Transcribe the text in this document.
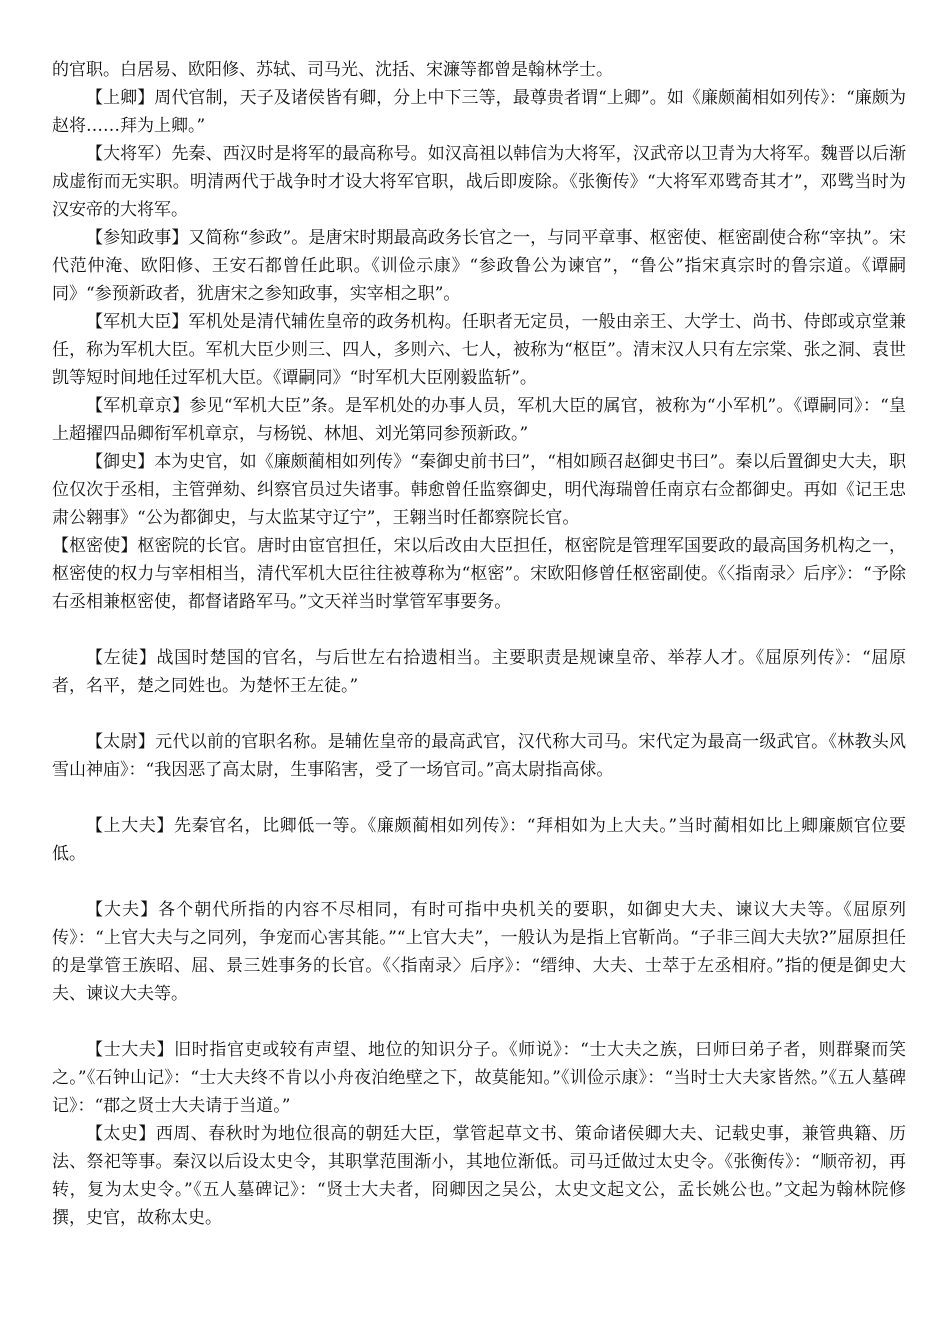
的官职。白居易、欧阳修、苏轼、司马光、沈括、宋濂等都曾是翰林学士。

【上卿】周代官制，天子及诸侯皆有卿，分上中下三等，最尊贵者谓“上卿”。如《廉颇蔺相如列传》：“廉颇为赵将……拜为上卿。”

【大将军）先秦、西汉时是将军的最高称号。如汉高祖以韩信为大将军，汉武帝以卫青为大将军。魏晋以后渐成虚衔而无实职。明清两代于战争时才设大将军官职，战后即废除。《张衡传》“大将军邓骘奇其才”，邓骘当时为汉安帝的大将军。

【参知政事】又简称“参政”。是唐宋时期最高政务长官之一，与同平章事、枢密使、框密副使合称“宰执”。宋代范仲淹、欧阳修、王安石都曾任此职。《训俭示康》“参政鲁公为谏官”，“鲁公”指宋真宗时的鲁宗道。《谭嗣同》“参预新政者，犹唐宋之参知政事，实宰相之职”。

【军机大臣】军机处是清代辅佐皇帝的政务机构。任职者无定员，一般由亲王、大学士、尚书、侍郎或京堂兼任，称为军机大臣。军机大臣少则三、四人，多则六、七人，被称为“枢臣”。清末汉人只有左宗棠、张之洞、袁世凯等短时间地任过军机大臣。《谭嗣同》“时军机大臣刚毅监斩”。

【军机章京】参见“军机大臣”条。是军机处的办事人员，军机大臣的属官，被称为“小军机”。《谭嗣同》：“皇上超擢四品卿衔军机章京，与杨锐、林旭、刘光第同参预新政。”

【御史】本为史官，如《廉颇蔺相如列传》“秦御史前书曰”，“相如顾召赵御史书曰”。秦以后置御史大夫，职位仅次于丞相，主管弹劾、纠察官员过失诸事。韩愈曾任监察御史，明代海瑞曾任南京右佥都御史。再如《记王忠肃公翱事》“公为都御史，与太监某守辽宁”，王翱当时任都察院长官。

【枢密使】枢密院的长官。唐时由宦官担任，宋以后改由大臣担任，枢密院是管理军国要政的最高国务机构之一，枢密使的权力与宰相相当，清代军机大臣往往被尊称为“枢密”。宋欧阳修曾任枢密副使。《〈指南录〉后序》：“予除右丞相兼枢密使，都督诸路军马。”文天祥当时掌管军事要务。

【左徒】战国时楚国的官名，与后世左右拾遗相当。主要职责是规谏皇帝、举荐人才。《屈原列传》：“屈原者，名平，楚之同姓也。为楚怀王左徒。”

【太尉】元代以前的官职名称。是辅佐皇帝的最高武官，汉代称大司马。宋代定为最高一级武官。《林教头风雪山神庙》：“我因恶了高太尉，生事陷害，受了一场官司。”高太尉指高俅。

【上大夫】先秦官名，比卿低一等。《廉颇蔺相如列传》：“拜相如为上大夫。”当时蔺相如比上卿廉颇官位要低。

【大夫】各个朝代所指的内容不尽相同，有时可指中央机关的要职，如御史大夫、谏议大夫等。《屈原列传》：“上官大夫与之同列，争宠而心害其能。”“上官大夫”，一般认为是指上官靳尚。“子非三闾大夫欤?”屈原担任的是掌管王族昭、屈、景三姓事务的长官。《〈指南录〉后序》：“缙绅、大夫、士萃于左丞相府。”指的便是御史大夫、谏议大夫等。

【士大夫】旧时指官吏或较有声望、地位的知识分子。《师说》：“士大夫之族，曰师曰弟子者，则群聚而笑之。”《石钟山记》：“士大夫终不肯以小舟夜泊绝壁之下，故莫能知。”《训俭示康》：“当时士大夫家皆然。”《五人墓碑记》：“郡之贤士大夫请于当道。”

【太史】西周、春秋时为地位很高的朝廷大臣，掌管起草文书、策命诸侯卿大夫、记载史事，兼管典籍、历法、祭祀等事。秦汉以后设太史令，其职掌范围渐小，其地位渐低。司马迁做过太史令。《张衡传》：“顺帝初，再转，复为太史令。”《五人墓碑记》：“贤士大夫者，冏卿因之吴公，太史文起文公，孟长姚公也。”文起为翰林院修撰，史官，故称太史。
